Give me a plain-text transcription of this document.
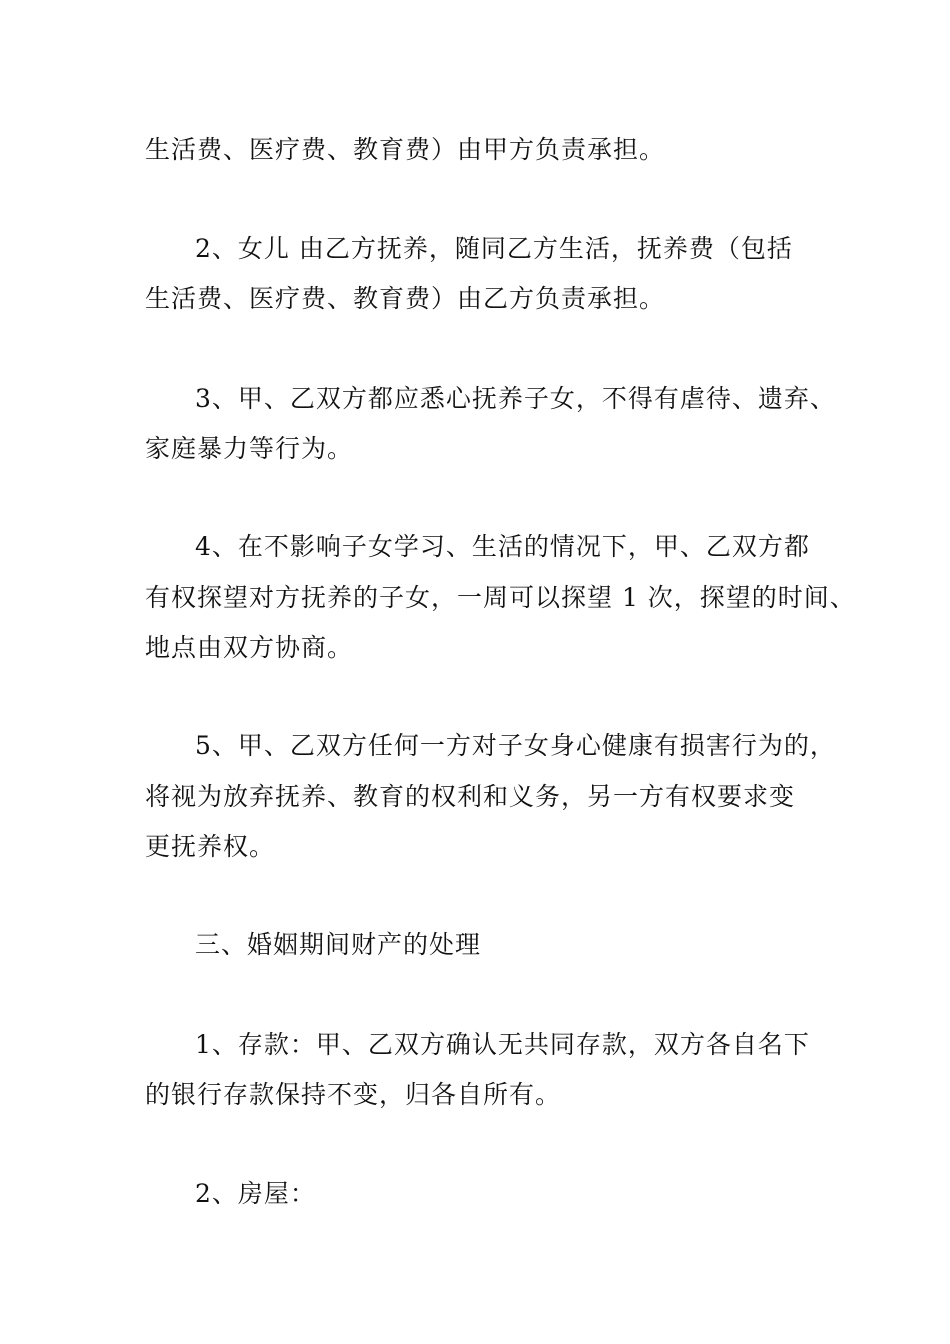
生活费、医疗费、教育费）由甲方负责承担。
2、女儿 由乙方抚养，随同乙方生活，抚养费（包括
生活费、医疗费、教育费）由乙方负责承担。
3、甲、乙双方都应悉心抚养子女，不得有虐待、遗弃、
家庭暴力等行为。
4、在不影响子女学习、生活的情况下，甲、乙双方都
有权探望对方抚养的子女，一周可以探望 1 次，探望的时间、
地点由双方协商。
5、甲、乙双方任何一方对子女身心健康有损害行为的，
将视为放弃抚养、教育的权利和义务，另一方有权要求变
更抚养权。
三、婚姻期间财产的处理
1、存款：甲、乙双方确认无共同存款，双方各自名下
的银行存款保持不变，归各自所有。
2、房屋：
